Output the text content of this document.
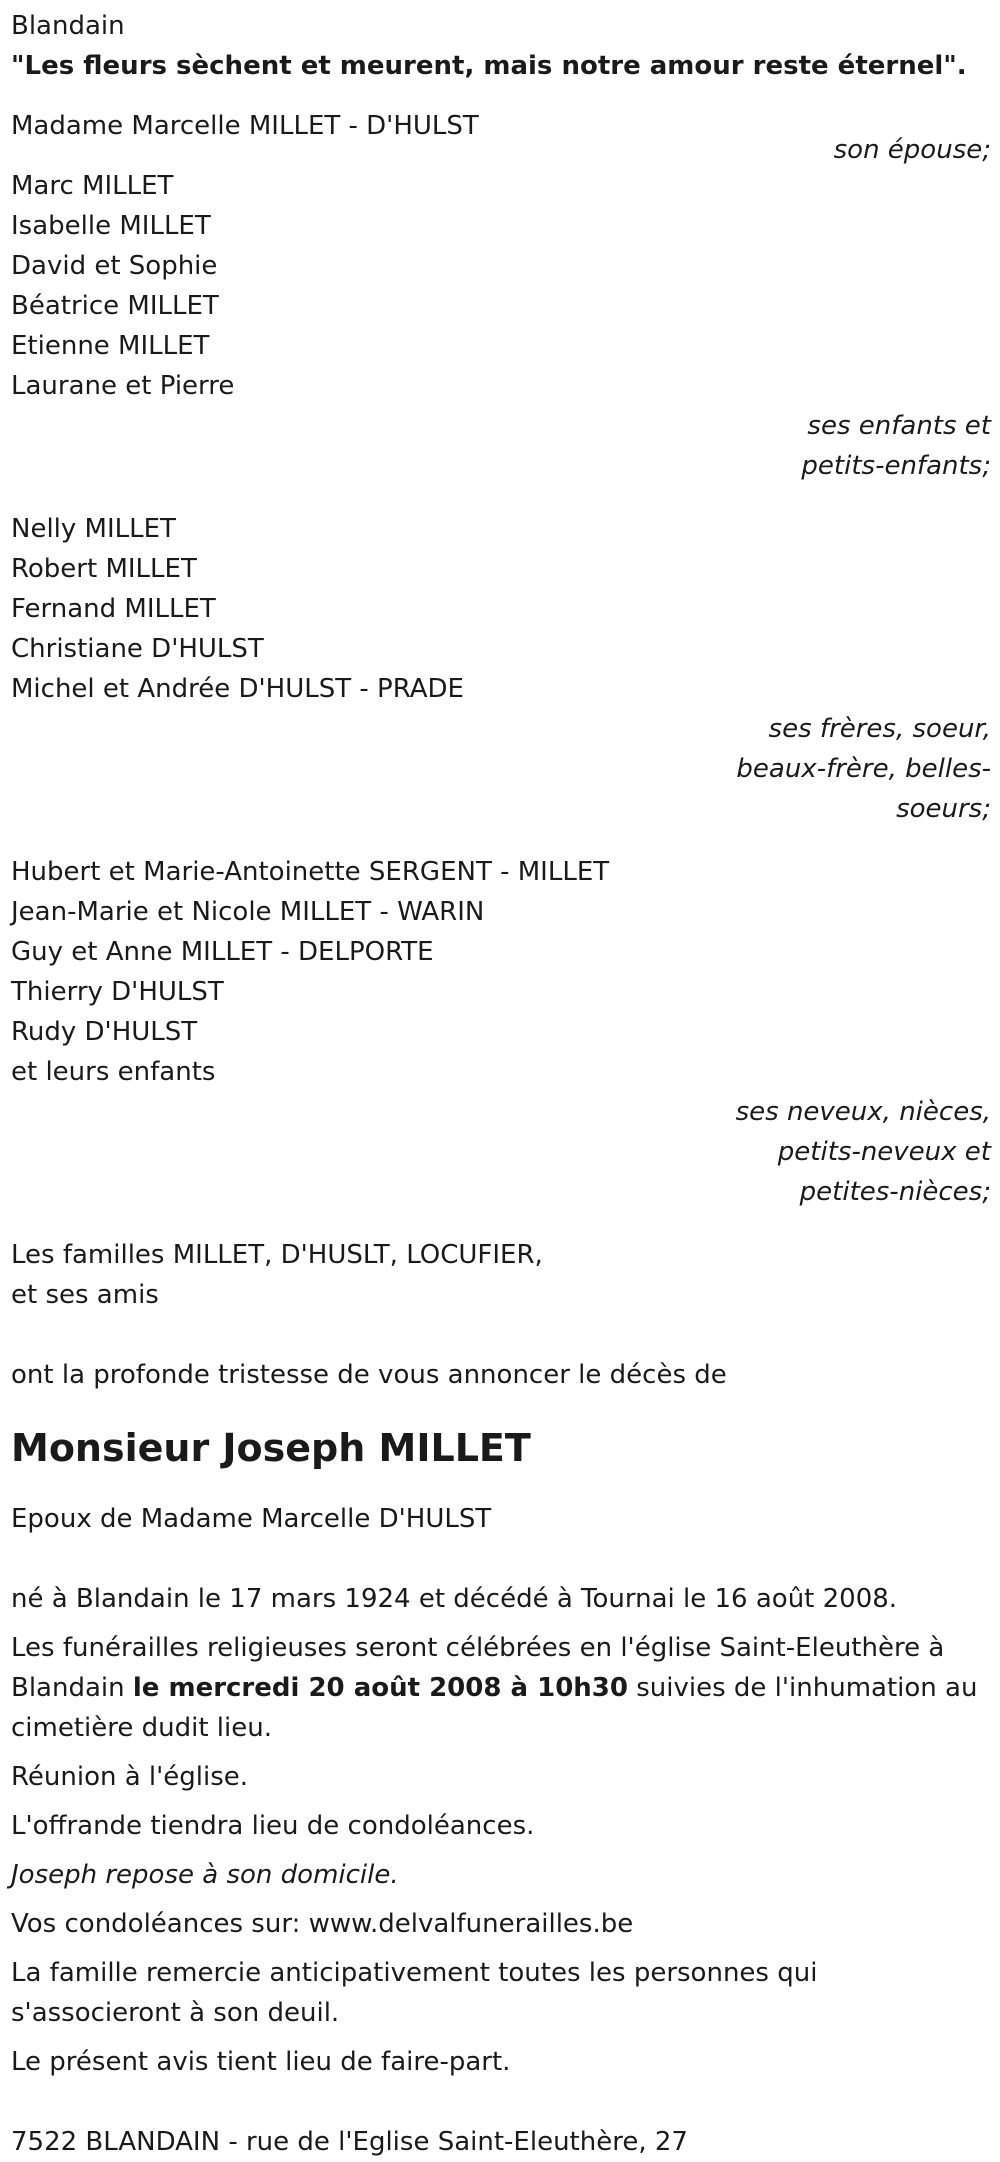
Blandain
"Les fleurs sèchent et meurent, mais notre amour reste éternel".
Madame Marcelle MILLET - D'HULST
son épouse;
Marc MILLET
Isabelle MILLET
David et Sophie
Béatrice MILLET
Etienne MILLET
Laurane et Pierre
ses enfants et
petits-enfants;
Nelly MILLET
Robert MILLET
Fernand MILLET
Christiane D'HULST
Michel et Andrée D'HULST - PRADE
ses frères, soeur,
beaux-frère, belles-
soeurs;
Hubert et Marie-Antoinette SERGENT - MILLET
Jean-Marie et Nicole MILLET - WARIN
Guy et Anne MILLET - DELPORTE
Thierry D'HULST
Rudy D'HULST
et leurs enfants
ses neveux, nièces,
petits-neveux et
petites-nièces;
Les familles MILLET, D'HUSLT, LOCUFIER,
et ses amis
ont la profonde tristesse de vous annoncer le décès de
Monsieur Joseph MILLET
Epoux de Madame Marcelle D'HULST
né à Blandain le 17 mars 1924 et décédé à Tournai le 16 août 2008.
Les funérailles religieuses seront célébrées en l'église Saint-Eleuthère à
Blandain le mercredi 20 août 2008 à 10h30 suivies de l'inhumation au
cimetière dudit lieu.
Réunion à l'église.
L'offrande tiendra lieu de condoléances.
Joseph repose à son domicile.
Vos condoléances sur: www.delvalfunerailles.be
La famille remercie anticipativement toutes les personnes qui
s'associeront à son deuil.
Le présent avis tient lieu de faire-part.
7522 BLANDAIN - rue de l'Eglise Saint-Eleuthère, 27
